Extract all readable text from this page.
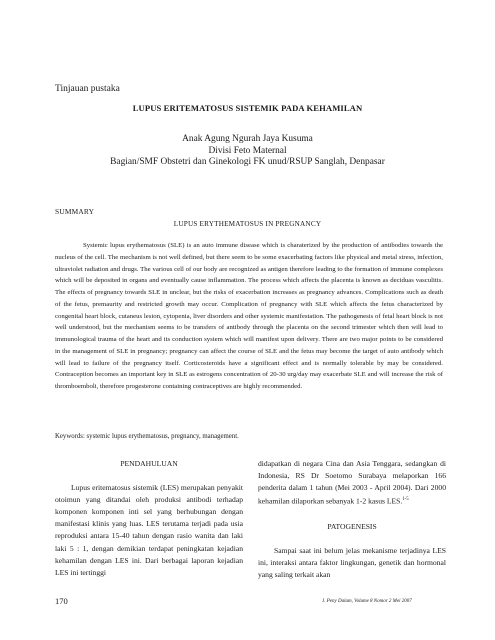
Tinjauan pustaka
LUPUS ERITEMATOSUS SISTEMIK PADA KEHAMILAN
Anak Agung Ngurah Jaya Kusuma
Divisi Feto Maternal
Bagian/SMF Obstetri dan Ginekologi FK unud/RSUP Sanglah, Denpasar
SUMMARY
LUPUS ERYTHEMATOSUS IN PREGNANCY
Systemic lupus erythematosus (SLE) is an auto immune disease which is charaterized by the production of antibodies towards the nucleus of the cell. The mechanism is not well defined, but there seem to be some exacerbating factors like physical and metal stress, infection, ultraviolet radiation and drugs. The various cell of our body are recognized as antigen therefore leading to the formation of immune complexes which will be deposited in organs and eventually cause inflammation. The process which affects the placenta is known as deciduas vasculitis. The effects of pregnancy towards SLE in unclear, but the risks of exacerbation increases as pregnancy advances. Complications such as death of the fetus, premaurity and restricted growth may occur. Complication of pregnancy with SLE which affects the fetus characterized by congenital heart block, cutaneus lesion, cytopenia, liver disorders and other systemic manifestation. The pathogenesis of fetal heart block is not well understood, but the mechanism seems to be transfers of antibody through the placenta on the second trimester which then will lead to immunological trauma of the heart and its conduction system which will manifest upon delivery. There are two major points to be considered in the management of SLE in pregnancy; pregnancy can affect the course of SLE and the fetus may become the target of auto antibody which will lead to failure of the pregnancy itself. Corticosteroids have a significant effect and is normally tolerable by may be considered. Contraception becomes an important key in SLE as estrogens concentration of 20-30 urg/day may exacerbate SLE and will increase the risk of thromboemboli, therefore progesterone containing contraceptives are highly recommended.
Keywords: systemic lupus erythematosus, pregnancy, management.
PENDAHULUAN

Lupus eritematosus sistemik (LES) merupakan penyakit otoimun yang ditandai oleh produksi antibodi terhadap komponen komponen inti sel yang berhubungan dengan manifestasi klinis yang luas. LES terutama terjadi pada usia reproduksi antara 15-40 tahun dengan rasio wanita dan laki laki 5 : 1, dengan demikian terdapat peningkatan kejadian kehamilan dengan LES ini. Dari berbagai laporan kejadian LES ini tertinggi

didapatkan di negara Cina dan Asia Tenggara, sedangkan di Indonesia, RS Dr Soetomo Surabaya melaporkan 166 penderita dalam 1 tahun (Mei 2003 - April 2004). Dari 2000 kehamilan dilaporkan sebanyak 1-2 kasus LES.$^{1-5}$

PATOGENESIS

Sampai saat ini belum jelas mekanisme terjadinya LES ini, interaksi antara faktor lingkungan, genetik dan hormonal yang saling terkait akan

170	J. Peny Dalam, Volume 8 Nomor 2 Mei 2007
